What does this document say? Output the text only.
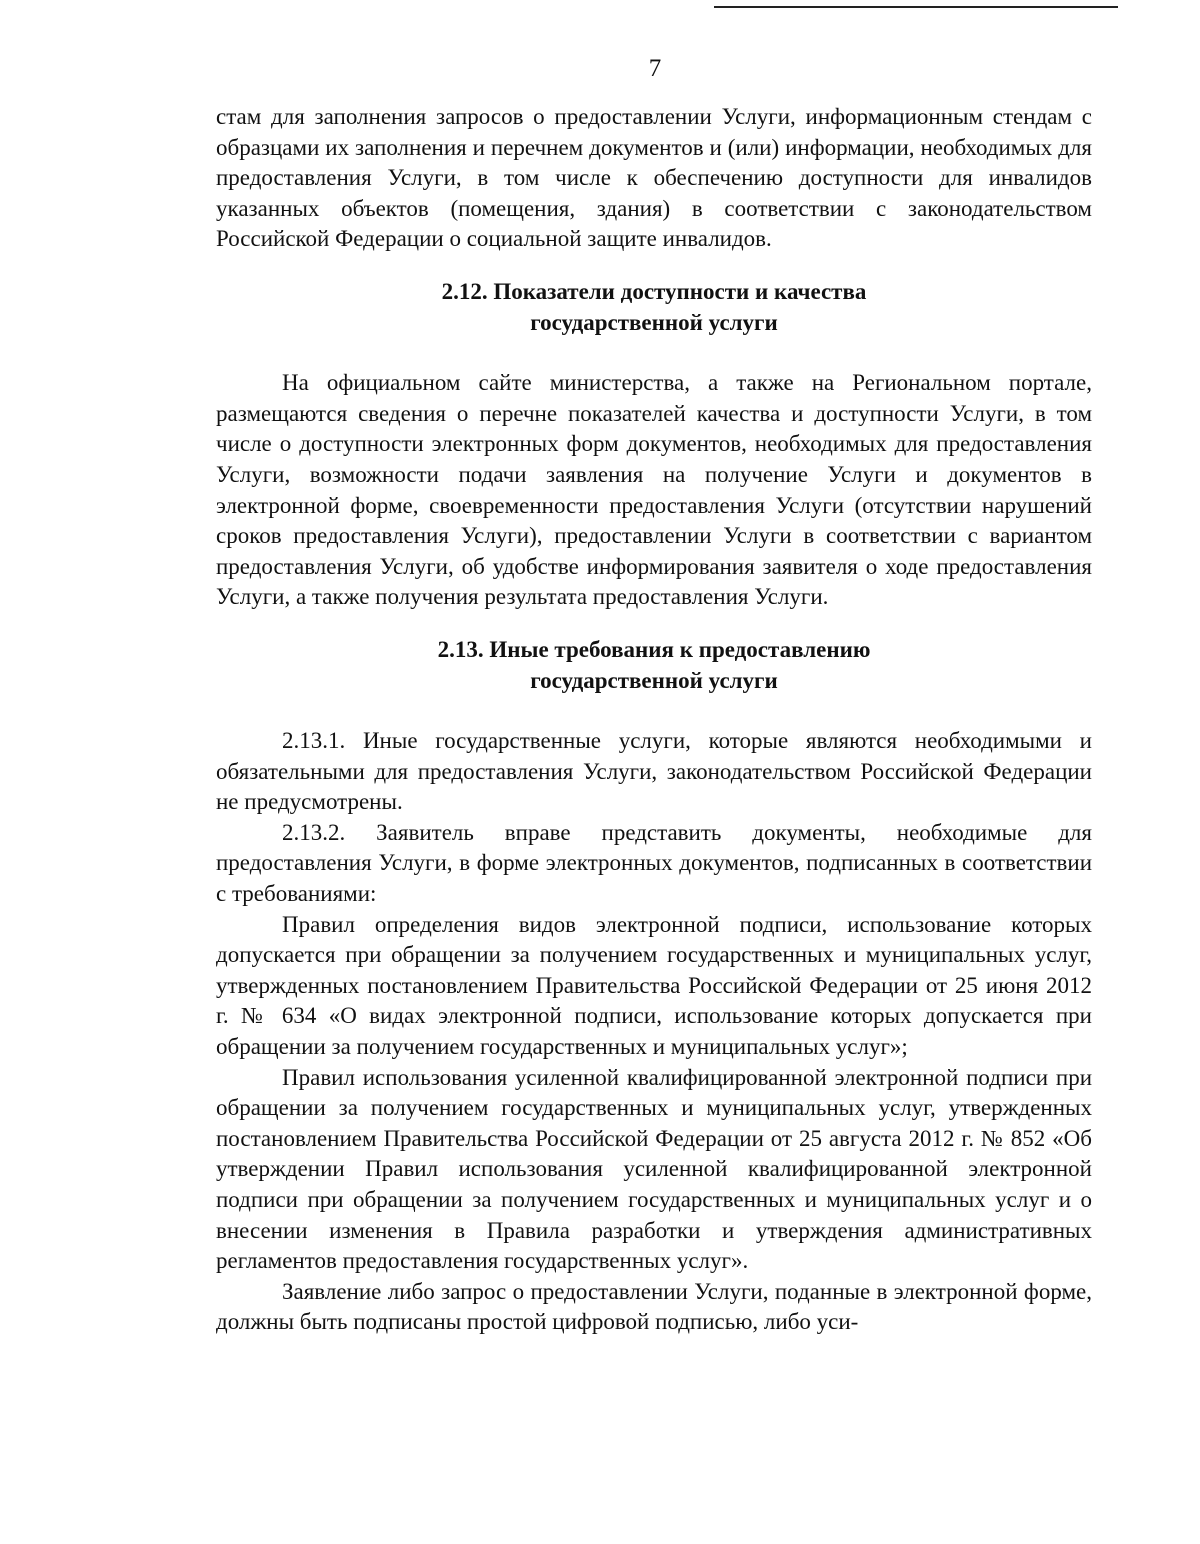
7

стам для заполнения запросов о предоставлении Услуги, информационным стендам с образцами их заполнения и перечнем документов и (или) информации, необходимых для предоставления Услуги, в том числе к обеспечению доступности для инвалидов указанных объектов (помещения, здания) в соответствии с законодательством Российской Федерации о социальной защите инвалидов.

2.12. Показатели доступности и качества
государственной услуги

На официальном сайте министерства, а также на Региональном портале, размещаются сведения о перечне показателей качества и доступности Услуги, в том числе о доступности электронных форм документов, необходимых для предоставления Услуги, возможности подачи заявления на получение Услуги и документов в электронной форме, своевременности предоставления Услуги (отсутствии нарушений сроков предоставления Услуги), предоставлении Услуги в соответствии с вариантом предоставления Услуги, об удобстве информирования заявителя о ходе предоставления Услуги, а также получения результата предоставления Услуги.

2.13. Иные требования к предоставлению
государственной услуги

2.13.1. Иные государственные услуги, которые являются необходимыми и обязательными для предоставления Услуги, законодательством Российской Федерации не предусмотрены.

2.13.2. Заявитель вправе представить документы, необходимые для предоставления Услуги, в форме электронных документов, подписанных в соответствии с требованиями:

Правил определения видов электронной подписи, использование которых допускается при обращении за получением государственных и муниципальных услуг, утвержденных постановлением Правительства Российской Федерации от 25 июня 2012 г. № 634 «О видах электронной подписи, использование которых допускается при обращении за получением государственных и муниципальных услуг»;

Правил использования усиленной квалифицированной электронной подписи при обращении за получением государственных и муниципальных услуг, утвержденных постановлением Правительства Российской Федерации от 25 августа 2012 г. № 852 «Об утверждении Правил использования усиленной квалифицированной электронной подписи при обращении за получением государственных и муниципальных услуг и о внесении изменения в Правила разработки и утверждения административных регламентов предоставления государственных услуг».

Заявление либо запрос о предоставлении Услуги, поданные в электронной форме, должны быть подписаны простой цифровой подписью, либо уси-
